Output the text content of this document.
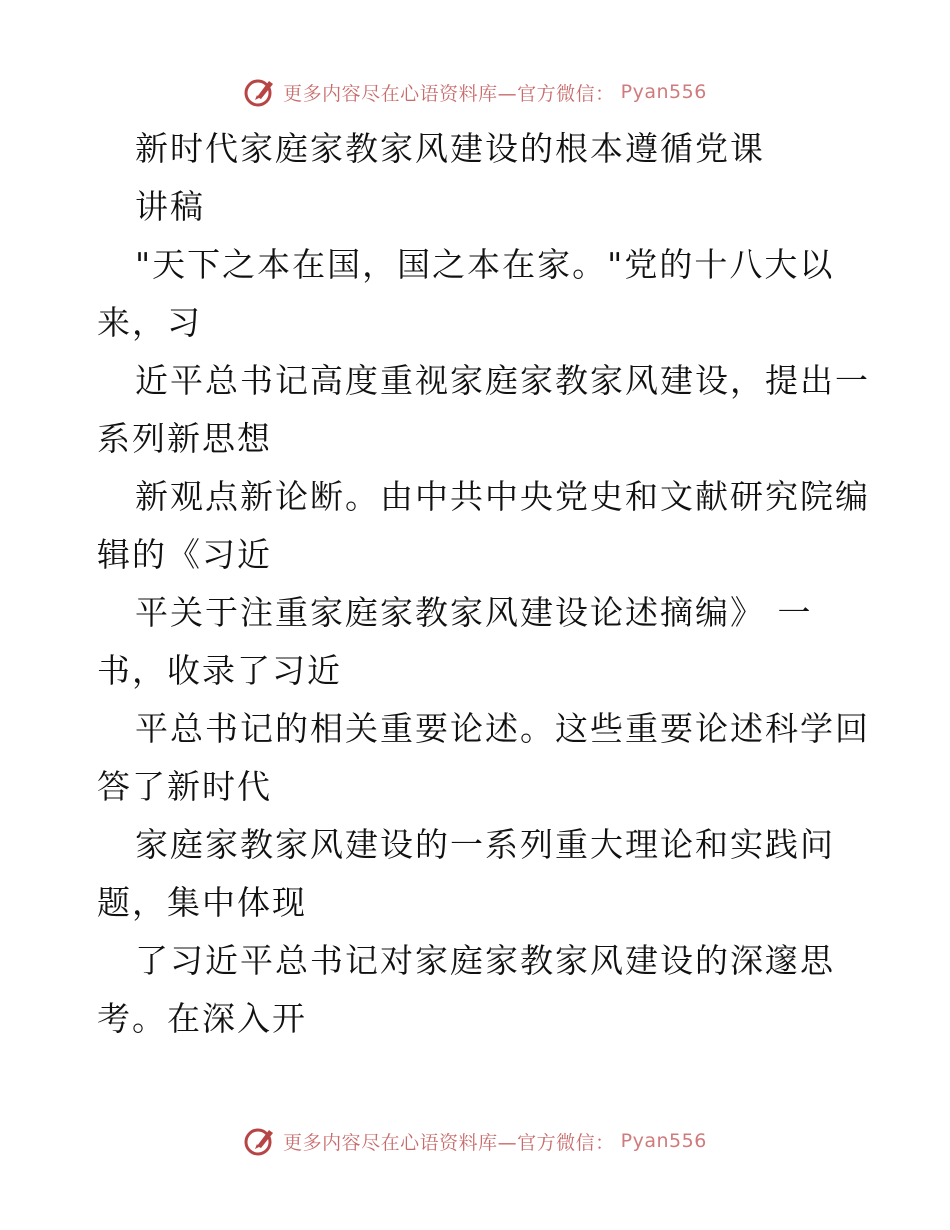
更多内容尽在心语资料库—官方微信： Pyan556
新时代家庭家教家风建设的根本遵循党课
讲稿
"天下之本在国，国之本在家。"党的十八大以
来，习
近平总书记高度重视家庭家教家风建设，提出一
系列新思想
新观点新论断。由中共中央党史和文献研究院编
辑的《习近
平关于注重家庭家教家风建设论述摘编》 一
书，收录了习近
平总书记的相关重要论述。这些重要论述科学回
答了新时代
家庭家教家风建设的一系列重大理论和实践问
题，集中体现
了习近平总书记对家庭家教家风建设的深邃思
考。在深入开
更多内容尽在心语资料库—官方微信： Pyan556
